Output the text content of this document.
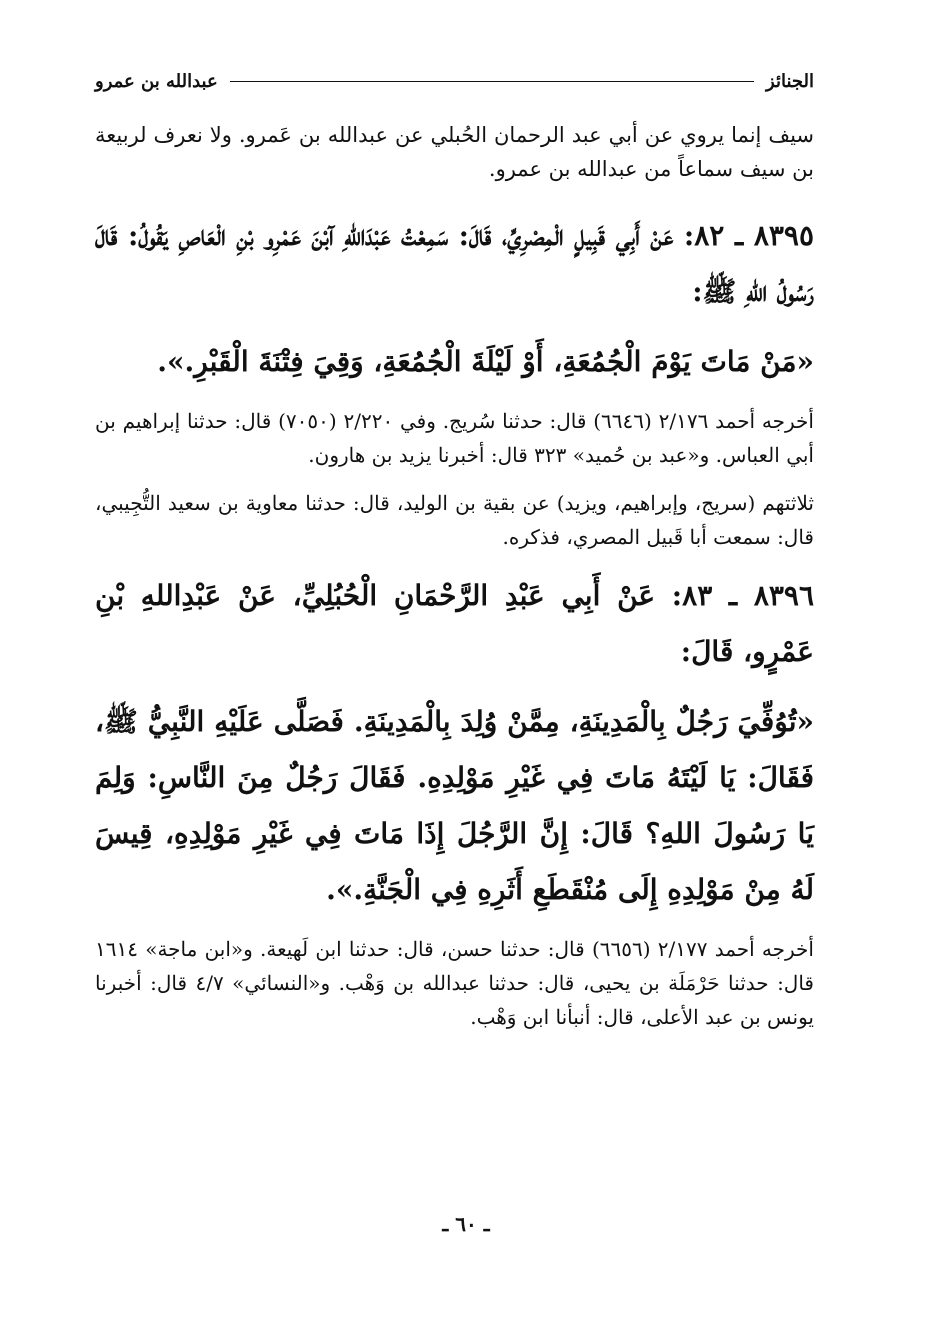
الجنائز
عبدالله بن عمرو

سيف إنما يروي عن أبي عبد الرحمان الحُبلي عن عبدالله بن عَمرو. ولا نعرف لربيعة بن سيف سماعاً من عبدالله بن عمرو.

٨٣٩٥ ـ ٨٢: عَنْ أَبِي قَبِيلٍ الْمِصْرِيِّ، قَالَ: سَمِعْتُ عَبْدَاللهِ آبْنَ عَمْرِو بْنِ الْعَاصِ يَقُولُ: قَالَ رَسُولُ اللهِ ﷺ:

«مَنْ مَاتَ يَوْمَ الْجُمُعَةِ، أَوْ لَيْلَةَ الْجُمُعَةِ، وَقِيَ فِتْنَةَ الْقَبْرِ.».

أخرجه أحمد ٢/١٧٦ (٦٦٤٦) قال: حدثنا سُريج. وفي ٢/٢٢٠ (٧٠٥٠) قال: حدثنا إبراهيم بن أبي العباس. و«عبد بن حُميد» ٣٢٣ قال: أخبرنا يزيد بن هارون.

ثلاثتهم (سريج، وإبراهيم، ويزيد) عن بقية بن الوليد، قال: حدثنا معاوية بن سعيد التُّجِيبي، قال: سمعت أبا قَبيل المصري، فذكره.

٨٣٩٦ ـ ٨٣: عَنْ أَبِي عَبْدِ الرَّحْمَانِ الْحُبُلِيِّ، عَنْ عَبْدِاللهِ بْنِ عَمْرٍو، قَالَ:

«تُوُفِّيَ رَجُلٌ بِالْمَدِينَةِ، مِمَّنْ وُلِدَ بِالْمَدِينَةِ. فَصَلَّى عَلَيْهِ النَّبِيُّ ﷺ، فَقَالَ: يَا لَيْتَهُ مَاتَ فِي غَيْرِ مَوْلِدِهِ. فَقَالَ رَجُلٌ مِنَ النَّاسِ: وَلِمَ يَا رَسُولَ اللهِ؟ قَالَ: إِنَّ الرَّجُلَ إِذَا مَاتَ فِي غَيْرِ مَوْلِدِهِ، قِيسَ لَهُ مِنْ مَوْلِدِهِ إِلَى مُنْقَطَعِ أَثَرِهِ فِي الْجَنَّةِ.».

أخرجه أحمد ٢/١٧٧ (٦٦٥٦) قال: حدثنا حسن، قال: حدثنا ابن لَهيعة. و«ابن ماجة» ١٦١٤ قال: حدثنا حَرْمَلَة بن يحيى، قال: حدثنا عبدالله بن وَهْب. و«النسائي» ٤/٧ قال: أخبرنا يونس بن عبد الأعلى، قال: أنبأنا ابن وَهْب.

ـ ٦٠ ـ
